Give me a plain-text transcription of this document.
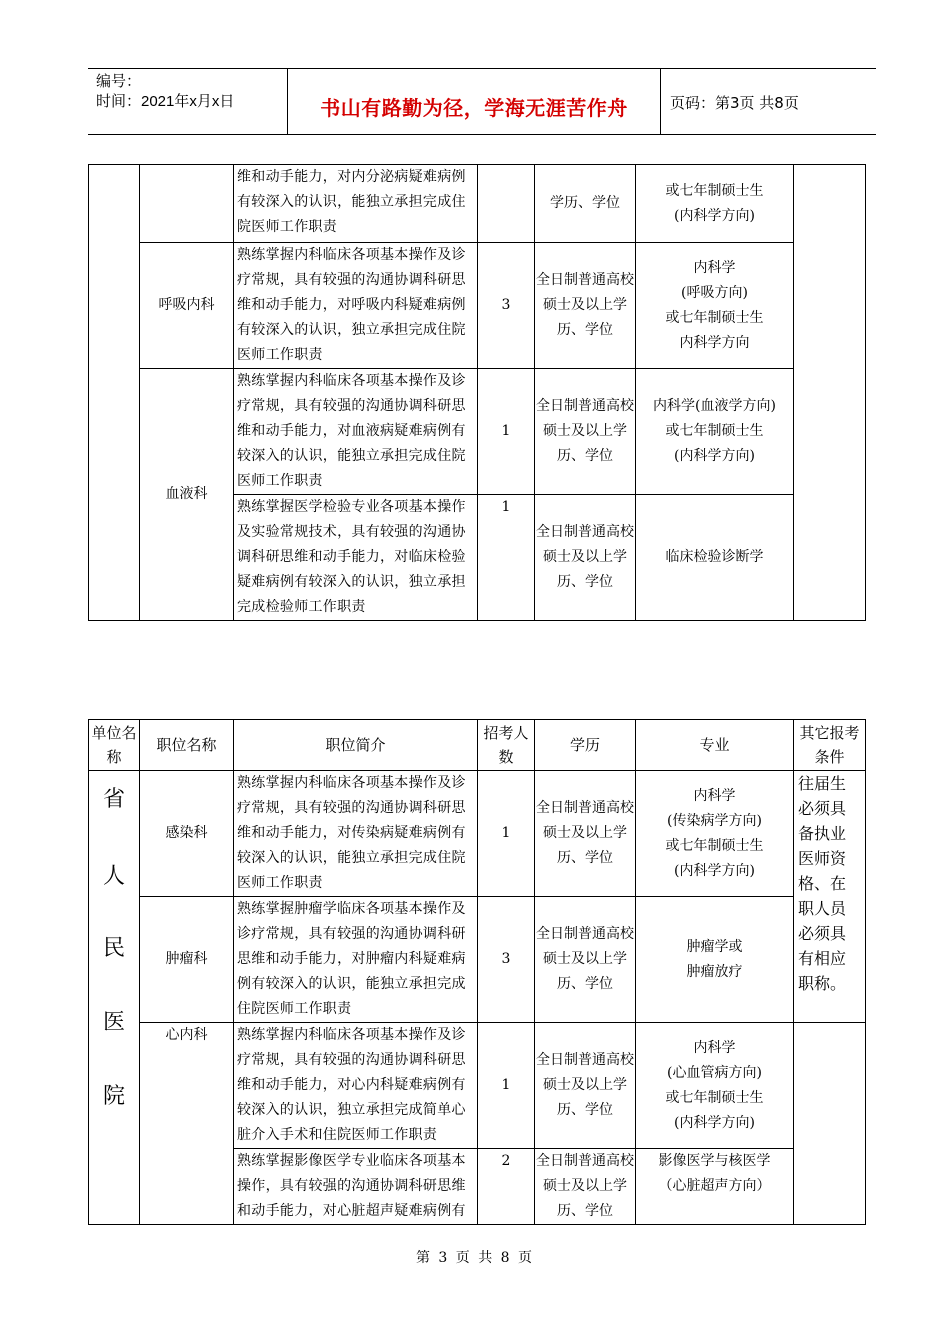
编号：
时间：2021年x月x日	书山有路勤为径，学海无涯苦作舟	页码：第3页 共8页
		维和动手能力，对内分泌病疑难病例有较深入的认识，能独立承担完成住院医师工作职责		学历、学位	或七年制硕士生
(内科学方向)	
	呼吸内科	熟练掌握内科临床各项基本操作及诊疗常规，具有较强的沟通协调科研思维和动手能力，对呼吸内科疑难病例有较深入的认识，独立承担完成住院医师工作职责	3	全日制普通高校硕士及以上学历、学位	内科学
(呼吸方向)
或七年制硕士生
内科学方向	
	血液科	熟练掌握内科临床各项基本操作及诊疗常规，具有较强的沟通协调科研思维和动手能力，对血液病疑难病例有较深入的认识，能独立承担完成住院医师工作职责	1	全日制普通高校硕士及以上学历、学位	内科学(血液学方向)
或七年制硕士生
(内科学方向)	
		熟练掌握医学检验专业各项基本操作及实验常规技术，具有较强的沟通协调科研思维和动手能力，对临床检验疑难病例有较深入的认识，独立承担完成检验师工作职责	1	全日制普通高校硕士及以上学历、学位	临床检验诊断学	
单位名称	职位名称	职位简介	招考人数	学历	专业	其它报考条件

省
人
民
医
院	感染科	熟练掌握内科临床各项基本操作及诊疗常规，具有较强的沟通协调科研思维和动手能力，对传染病疑难病例有较深入的认识，能独立承担完成住院医师工作职责	1	全日制普通高校硕士及以上学历、学位	内科学
(传染病学方向)
或七年制硕士生
(内科学方向)	往届生必须具备执业医师资格、在职人员必须具有相应职称。

	肿瘤科	熟练掌握肿瘤学临床各项基本操作及诊疗常规，具有较强的沟通协调科研思维和动手能力，对肿瘤内科疑难病例有较深入的认识，能独立承担完成住院医师工作职责	3	全日制普通高校硕士及以上学历、学位	肿瘤学或
肿瘤放疗	
	心内科	熟练掌握内科临床各项基本操作及诊疗常规，具有较强的沟通协调科研思维和动手能力，对心内科疑难病例有较深入的认识，独立承担完成简单心脏介入手术和住院医师工作职责	1	全日制普通高校硕士及以上学历、学位	内科学
(心血管病方向)
或七年制硕士生
(内科学方向)	
		熟练掌握影像医学专业临床各项基本操作，具有较强的沟通协调科研思维和动手能力，对心脏超声疑难病例有	2	全日制普通高校硕士及以上学历、学位	影像医学与核医学
（心脏超声方向）	
第 3 页 共 8 页
